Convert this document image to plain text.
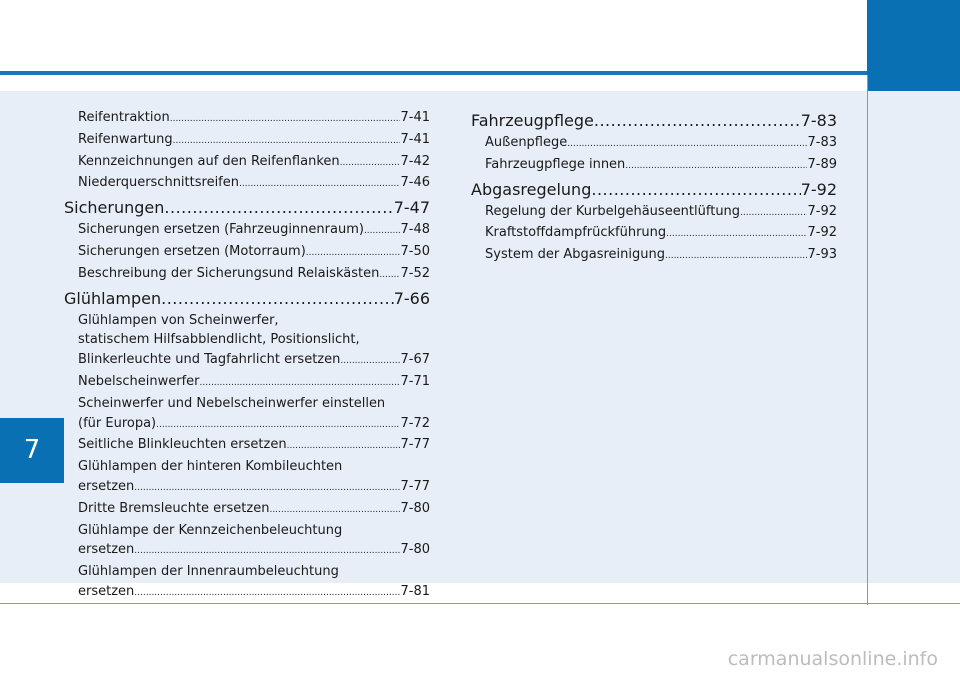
7
Reifentraktion .....	7-41
Reifenwartung .....	7-41
Kennzeichnungen auf den Reifenflanken .....	7-42
Niederquerschnittsreifen .....	7-46
Sicherungen .....	7-47
Sicherungen ersetzen (Fahrzeuginnenraum) .....	7-48
Sicherungen ersetzen (Motorraum) .....	7-50
Beschreibung der Sicherungsund Relaiskästen ..... 7-52
Glühlampen .....	7-66
Glühlampen von Scheinwerfer,
statischem Hilfsabblendlicht, Positionslicht,
Blinkerleuchte und Tagfahrlicht ersetzen .....	7-67
Nebelscheinwerfer .....	7-71
Scheinwerfer und Nebelscheinwerfer einstellen
(für Europa) .....	7-72
Seitliche Blinkleuchten ersetzen .....	7-77
Glühlampen der hinteren Kombileuchten
ersetzen .....	7-77
Dritte Bremsleuchte ersetzen .....	7-80
Glühlampe der Kennzeichenbeleuchtung
ersetzen .....	7-80
Glühlampen der Innenraumbeleuchtung
ersetzen .....	7-81
Fahrzeugpflege .....	7-83
Außenpflege .....	7-83
Fahrzeugpflege innen .....	7-89
Abgasregelung .....	7-92
Regelung der Kurbelgehäuseentlüftung .....	7-92
Kraftstoffdampfrückführung .....	7-92
System der Abgasreinigung .....	7-93
carmanualsonline.info
